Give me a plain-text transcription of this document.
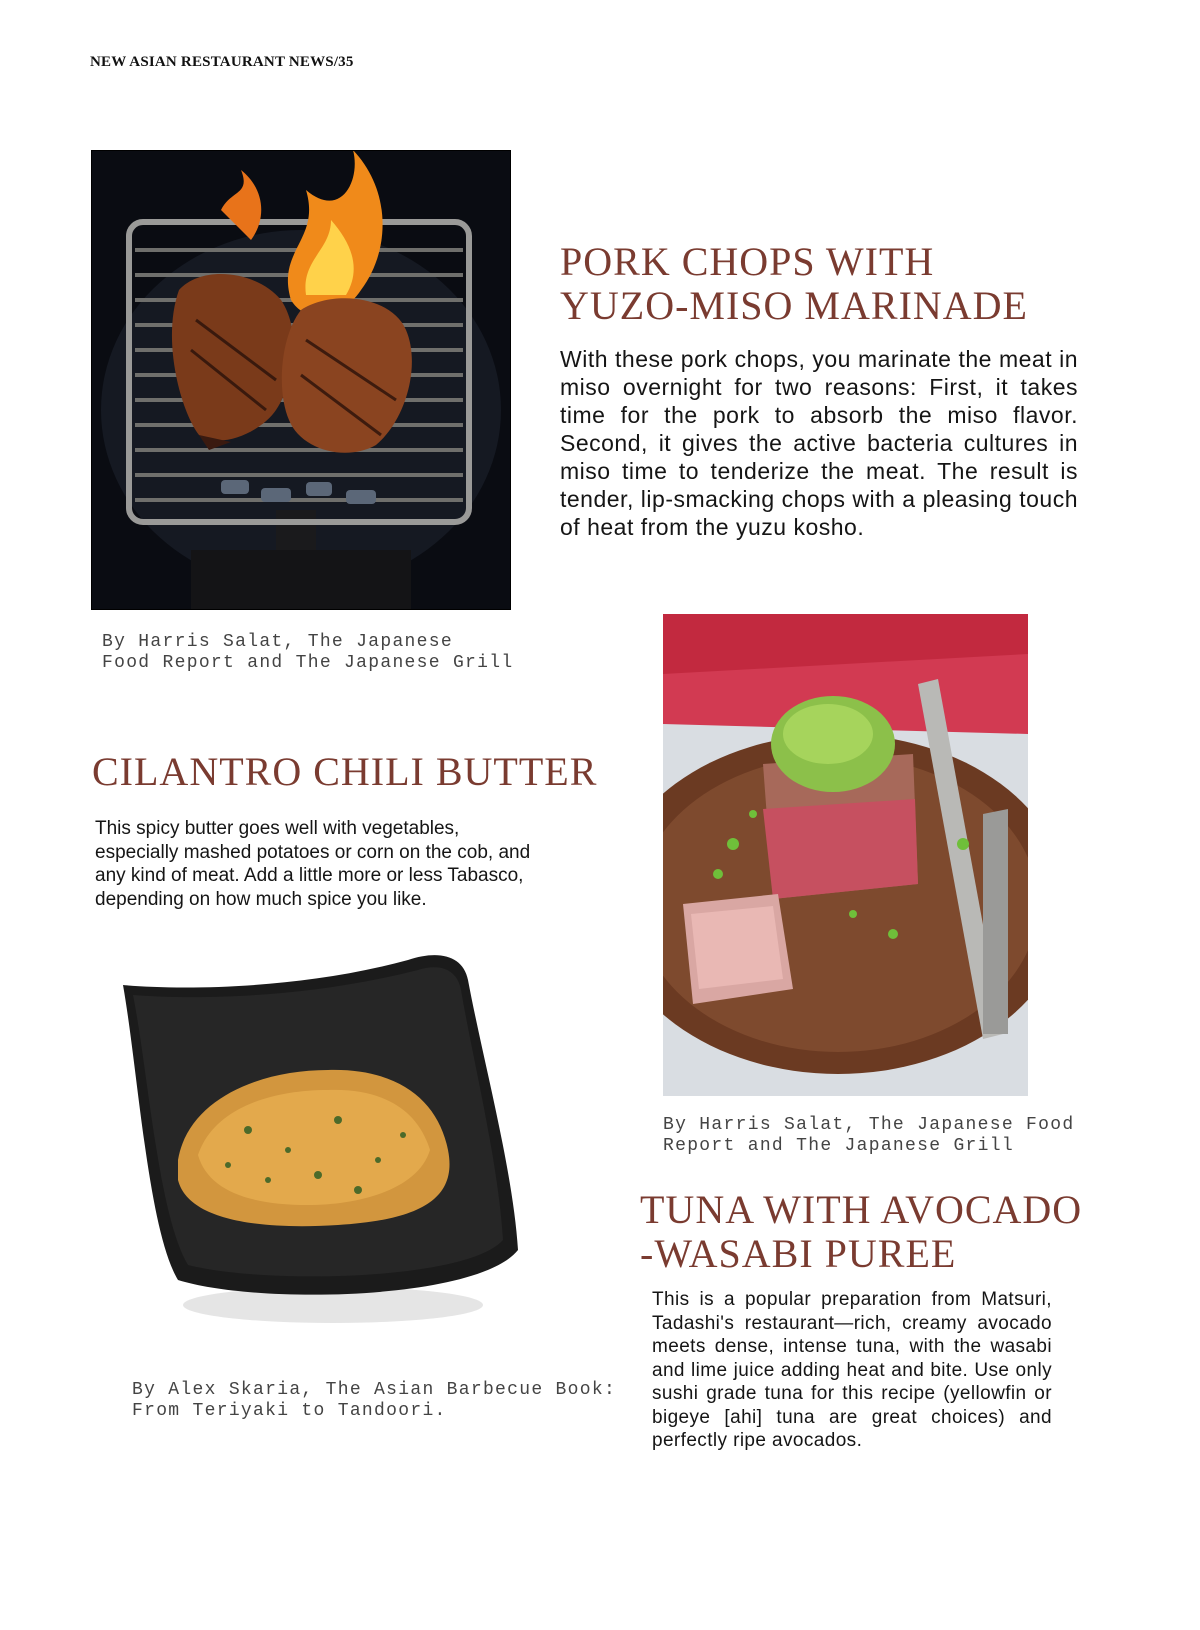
NEW ASIAN RESTAURANT NEWS/35
PORK CHOPS WITH
YUZO-MISO MARINADE

With these pork chops, you marinate the meat in miso overnight for two reasons: First, it takes time for the pork to absorb the miso flavor. Second, it gives the active bacteria cultures in miso time to tenderize the meat. The result is tender, lip-smacking chops with a pleasing touch of heat from the yuzu kosho.

By Harris Salat, The Japanese
Food Report and The Japanese Grill
By Harris Salat, The Japanese Food
Report and The Japanese Grill
CILANTRO CHILI BUTTER

This spicy butter goes well with vegetables, especially mashed potatoes or corn on the cob, and any kind of meat. Add a little more or less Tabasco, depending on how much spice you like.

By Alex Skaria, The Asian Barbecue Book:
From Teriyaki to Tandoori.
TUNA WITH AVOCADO
-WASABI PUREE

This is a popular preparation from Matsuri, Tadashi's restaurant—rich, creamy avocado meets dense, intense tuna, with the wasabi and lime juice adding heat and bite. Use only sushi grade tuna for this recipe (yellowfin or bigeye [ahi] tuna are great choices) and perfectly ripe avocados.
